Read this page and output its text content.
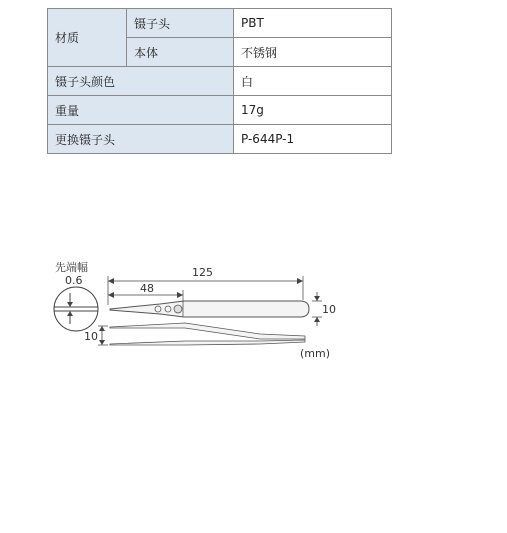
材质	镊子头	PBT
	本体	不锈钢
镊子头颜色		白
重量		17g
更换镊子头		P-644P-1
先端幅
0.6
125
48
10
10
(mm)
